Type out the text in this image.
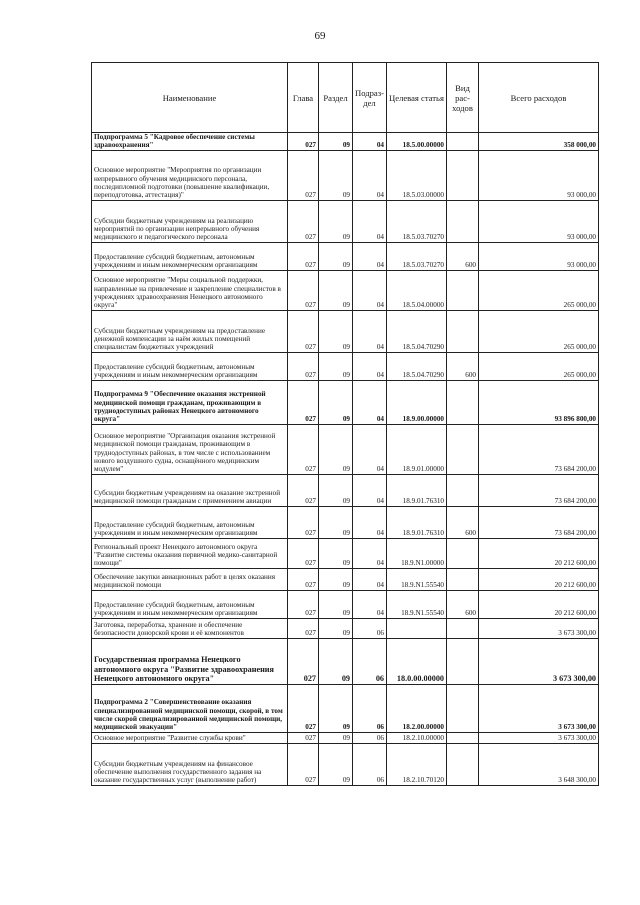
69
Наименование	Глава	Раздел	Подраз-дел	Целевая статья	Вид рас-ходов	Всего расходов
Подпрограмма 5 "Кадровое обеспечение системы здравоохранения"	027	09	04	18.5.00.00000		358 000,00
Основное мероприятие "Мероприятия по организации непрерывного обучения медицинского персонала, последипломной подготовки (повышение квалификации, переподготовка, аттестация)"	027	09	04	18.5.03.00000		93 000,00
Субсидии бюджетным учреждениям на реализацию мероприятий по организации непрерывного обучения медицинского и педагогического персонала	027	09	04	18.5.03.70270		93 000,00
Предоставление субсидий бюджетным, автономным учреждениям и иным некоммерческим организациям	027	09	04	18.5.03.70270	600	93 000,00
Основное мероприятие "Меры социальной поддержки, направленные на привлечение и закрепление специалистов в учреждениях здравоохранения Ненецкого автономного округа"	027	09	04	18.5.04.00000		265 000,00
Субсидии бюджетным учреждениям на предоставление денежной компенсации за наём жилых помещений специалистам бюджетных учреждений	027	09	04	18.5.04.70290		265 000,00
Предоставление субсидий бюджетным, автономным учреждениям и иным некоммерческим организациям	027	09	04	18.5.04.70290	600	265 000,00
Подпрограмма 9 "Обеспечение оказания экстренной медицинской помощи гражданам, проживающим в труднодоступных районах Ненецкого автономного округа"	027	09	04	18.9.00.00000		93 896 800,00
Основное мероприятие "Организация оказания экстренной медицинской помощи гражданам, проживающим в труднодоступных районах, в том числе с использованием нового воздушного судна, оснащённого медицинским модулем"	027	09	04	18.9.01.00000		73 684 200,00
Субсидии бюджетным учреждениям на оказание экстренной медицинской помощи гражданам с применением авиации	027	09	04	18.9.01.76310		73 684 200,00
Предоставление субсидий бюджетным, автономным учреждениям и иным некоммерческим организациям	027	09	04	18.9.01.76310	600	73 684 200,00
Региональный проект Ненецкого автономного округа "Развитие системы оказания первичной медико-санитарной помощи"	027	09	04	18.9.N1.00000		20 212 600,00
Обеспечение закупки авиационных работ в целях оказания медицинской помощи	027	09	04	18.9.N1.55540		20 212 600,00
Предоставление субсидий бюджетным, автономным учреждениям и иным некоммерческим организациям	027	09	04	18.9.N1.55540	600	20 212 600,00
Заготовка, переработка, хранение и обеспечение безопасности донорской крови и её компонентов	027	09	06			3 673 300,00
Государственная программа Ненецкого автономного округа "Развитие здравоохранения Ненецкого автономного округа"	027	09	06	18.0.00.00000		3 673 300,00
Подпрограмма 2 "Совершенствование оказания специализированной медицинской помощи, скорой, в том числе скорой специализированной медицинской помощи, медицинской эвакуации"	027	09	06	18.2.00.00000		3 673 300,00
Основное мероприятие "Развитие службы крови"	027	09	06	18.2.10.00000		3 673 300,00
Субсидии бюджетным учреждениям на финансовое обеспечение выполнения государственного задания на оказание государственных услуг (выполнение работ)	027	09	06	18.2.10.70120		3 648 300,00
